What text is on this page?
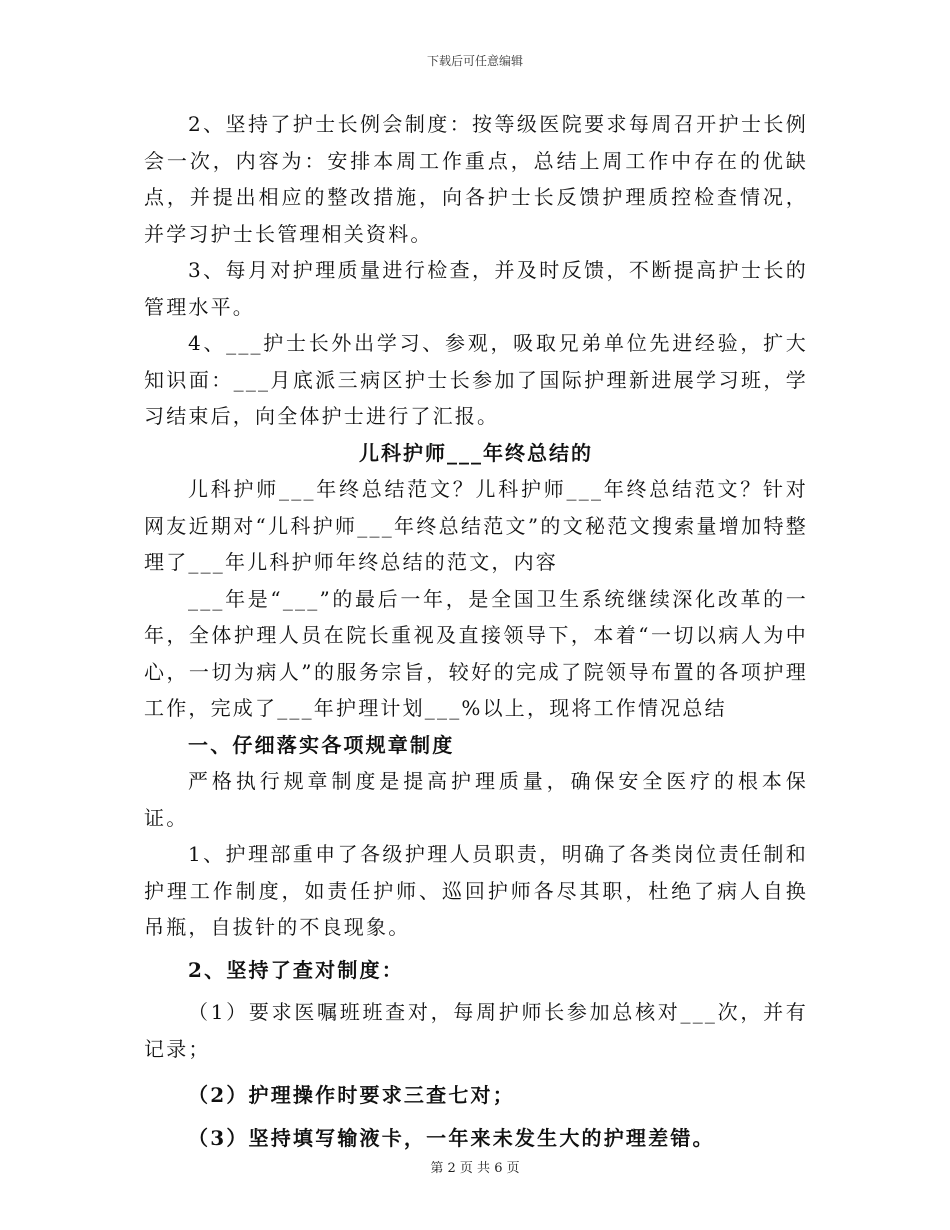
下载后可任意编辑

2、坚持了护士长例会制度：按等级医院要求每周召开护士长例会一次，内容为：安排本周工作重点，总结上周工作中存在的优缺点，并提出相应的整改措施，向各护士长反馈护理质控检查情况，并学习护士长管理相关资料。

3、每月对护理质量进行检查，并及时反馈，不断提高护士长的管理水平。

4、___护士长外出学习、参观，吸取兄弟单位先进经验，扩大知识面：___月底派三病区护士长参加了国际护理新进展学习班，学习结束后，向全体护士进行了汇报。

儿科护师___年终总结的

儿科护师___年终总结范文？儿科护师___年终总结范文？针对网友近期对“儿科护师___年终总结范文”的文秘范文搜索量增加特整理了___年儿科护师年终总结的范文，内容

___年是“___”的最后一年，是全国卫生系统继续深化改革的一年，全体护理人员在院长重视及直接领导下，本着“一切以病人为中心，一切为病人”的服务宗旨，较好的完成了院领导布置的各项护理工作，完成了___年护理计划___%以上，现将工作情况总结

一、仔细落实各项规章制度

严格执行规章制度是提高护理质量，确保安全医疗的根本保证。

1、护理部重申了各级护理人员职责，明确了各类岗位责任制和护理工作制度，如责任护师、巡回护师各尽其职，杜绝了病人自换吊瓶，自拔针的不良现象。

2、坚持了查对制度：

（1）要求医嘱班班查对，每周护师长参加总核对___次，并有记录；

（2）护理操作时要求三查七对；

（3）坚持填写输液卡，一年来未发生大的护理差错。

第 2 页 共 6 页
